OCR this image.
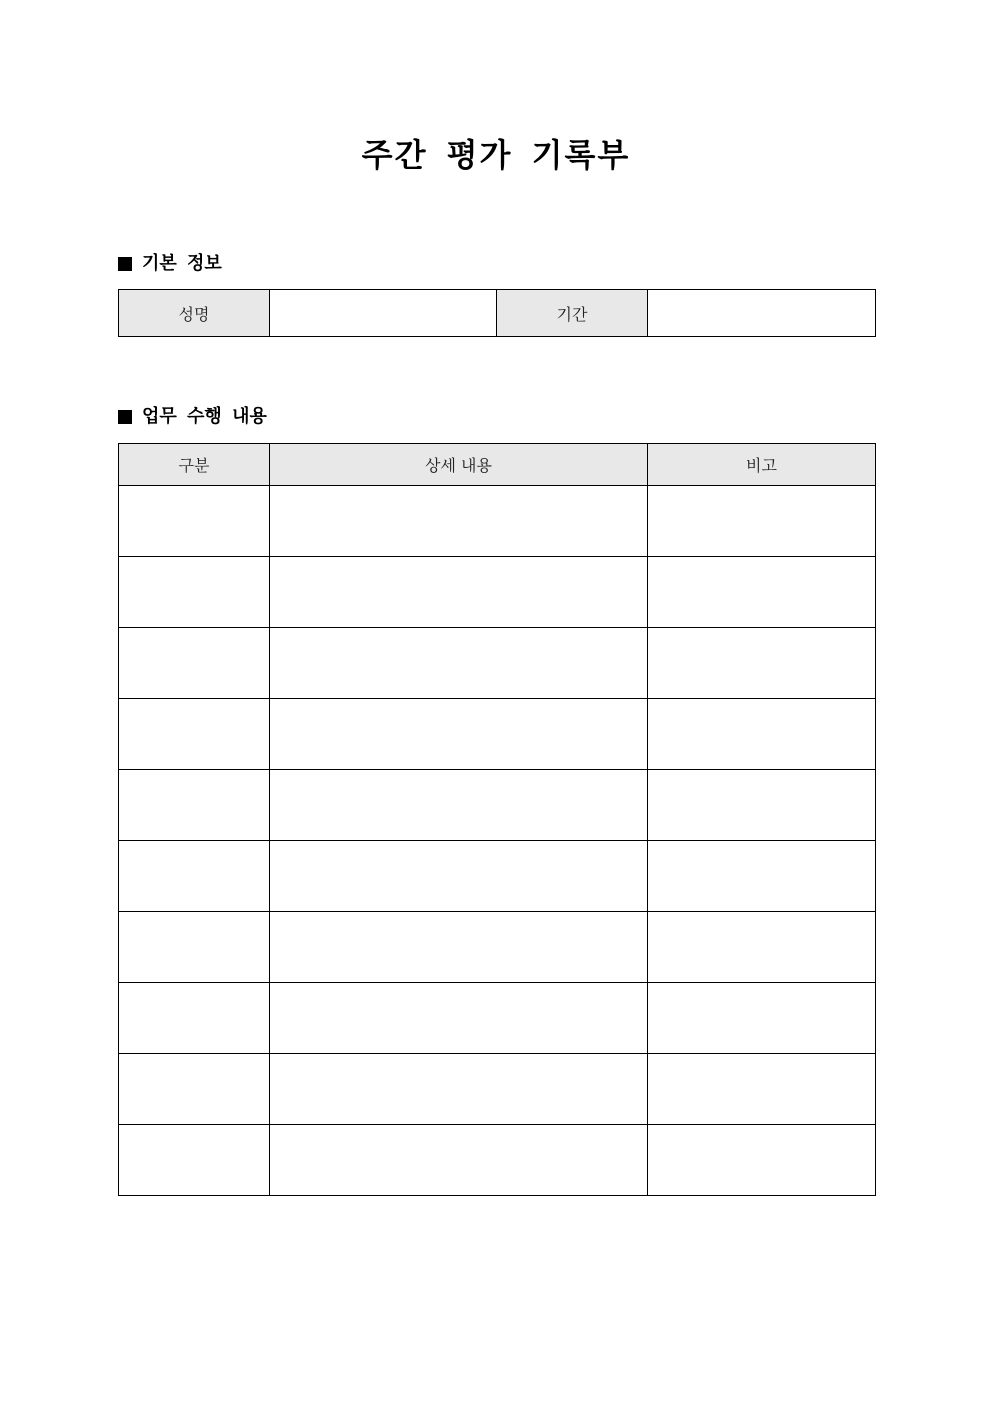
주간 평가 기록부
기본 정보
성명		기간	
업무 수행 내용
구분	상세 내용	비고
